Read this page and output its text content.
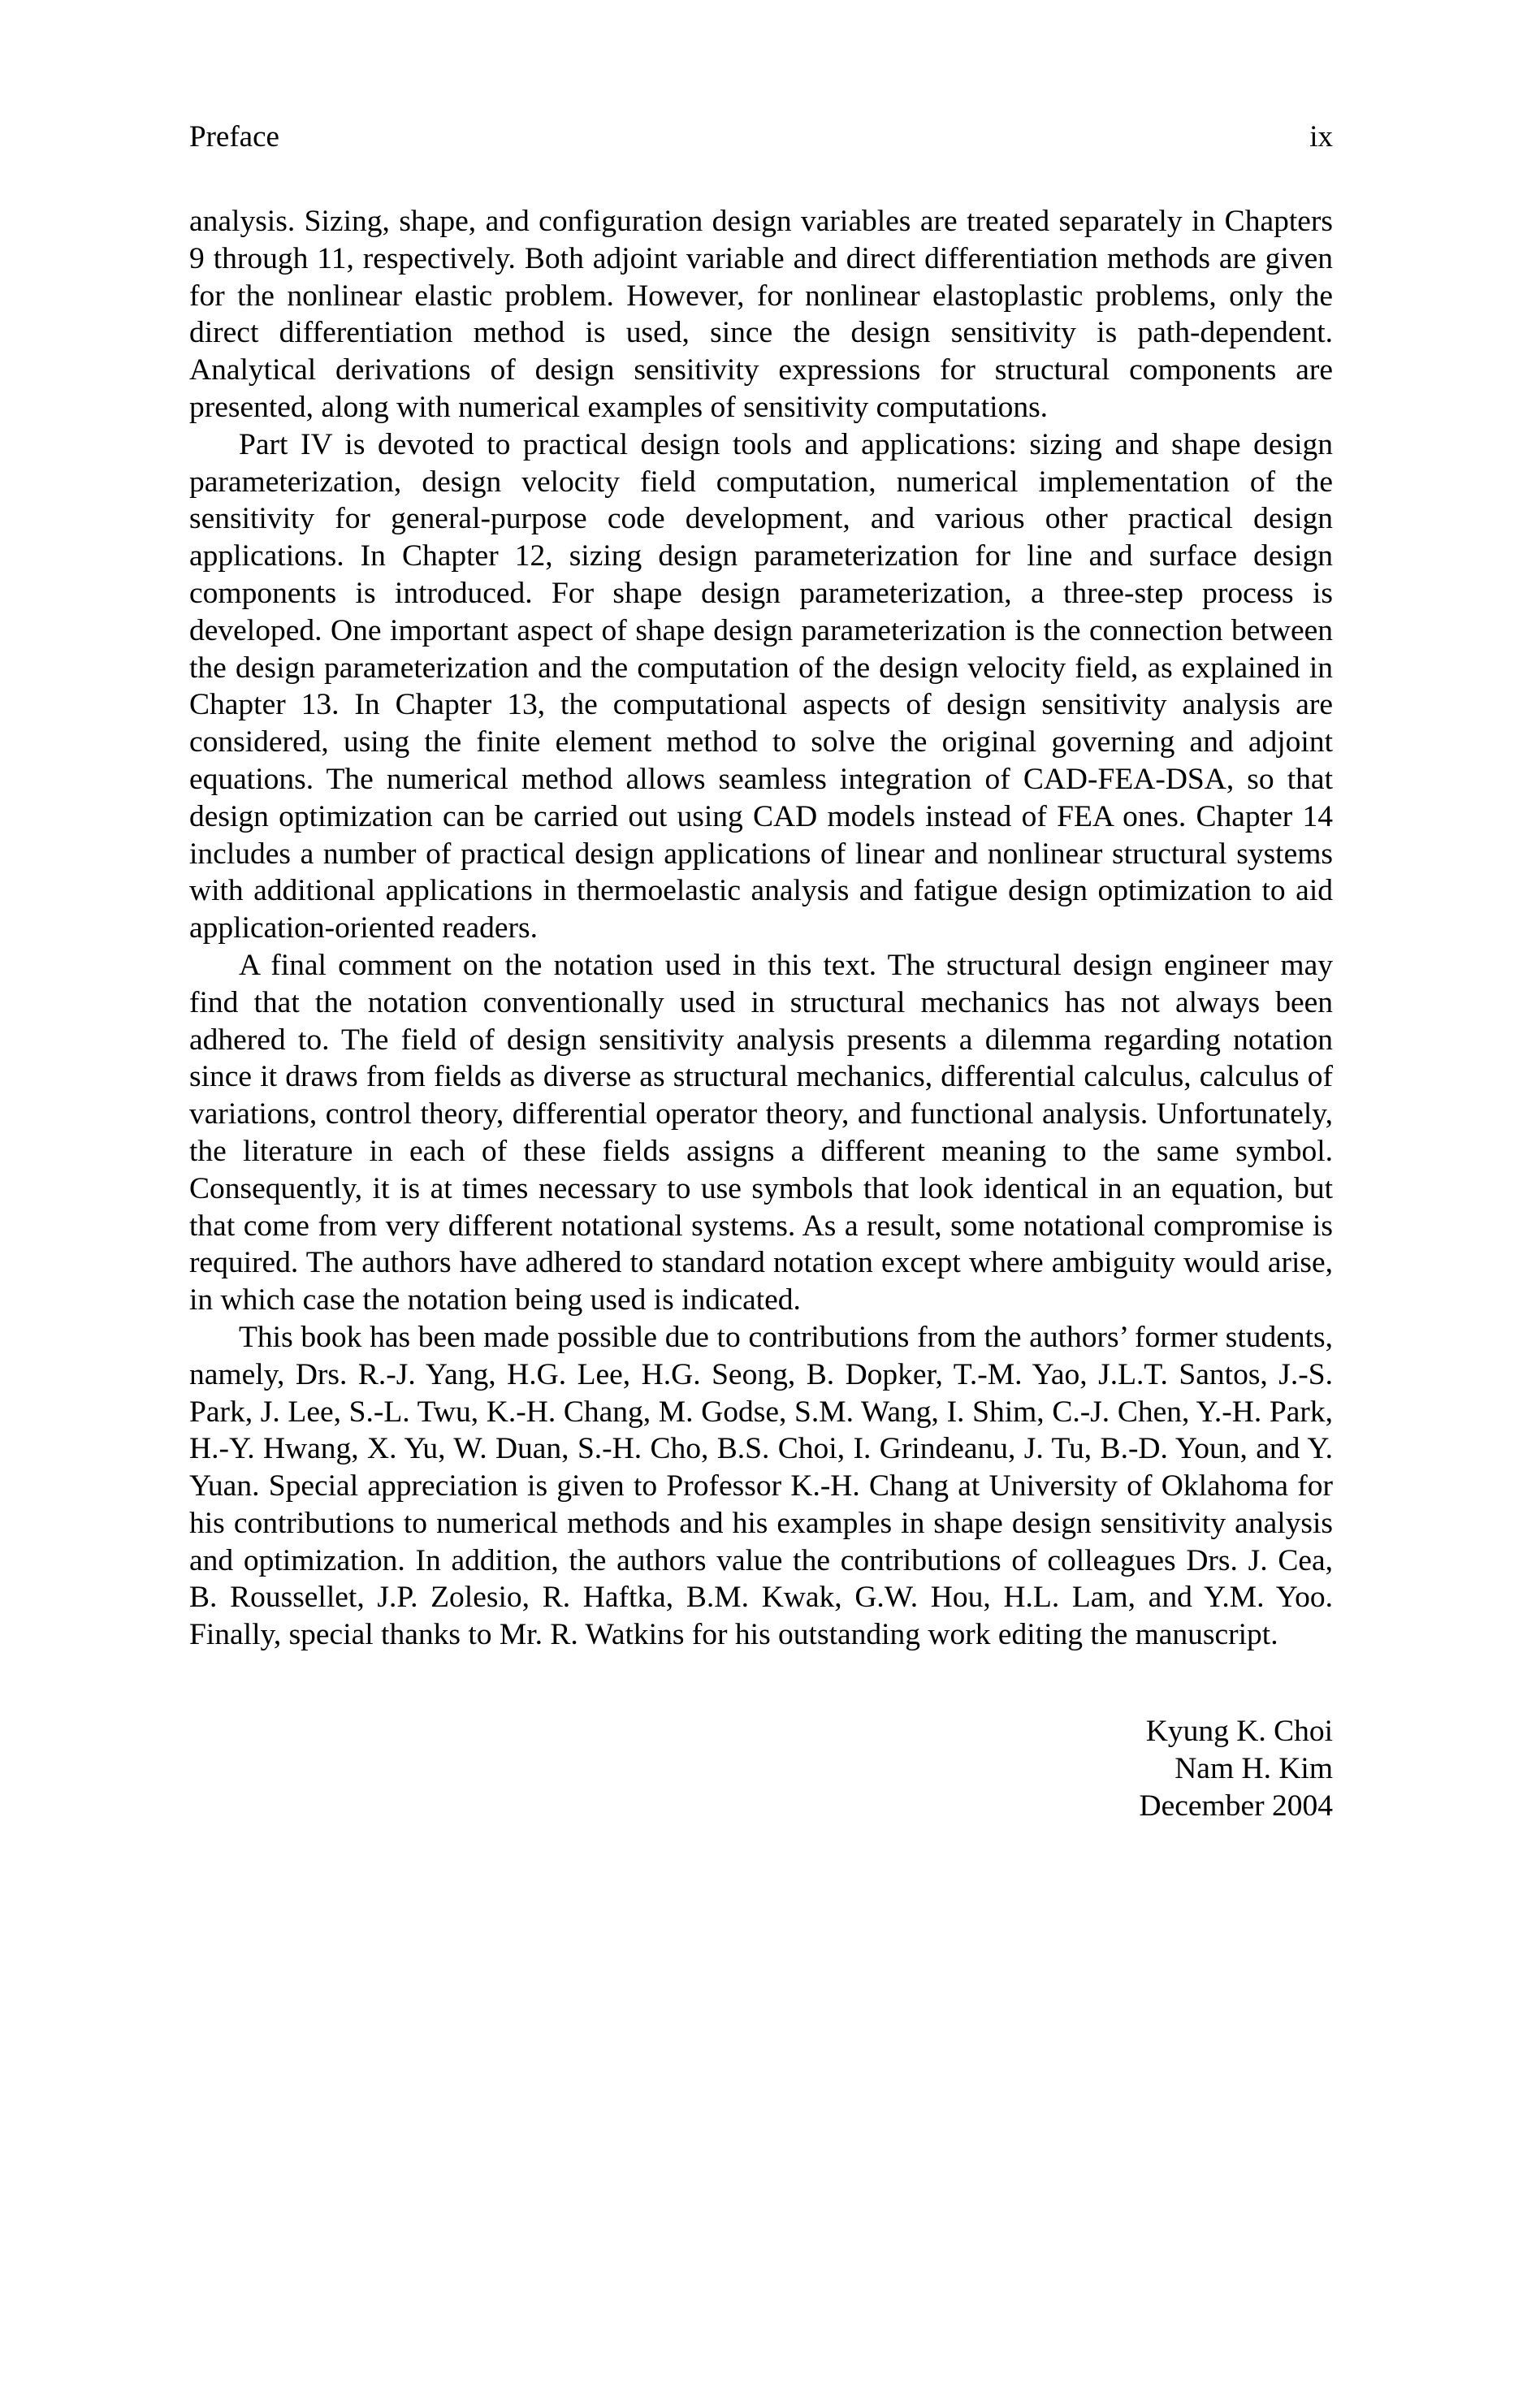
Preface	ix

analysis. Sizing, shape, and configuration design variables are treated separately in Chapters 9 through 11, respectively. Both adjoint variable and direct differentiation methods are given for the nonlinear elastic problem. However, for nonlinear elastoplastic problems, only the direct differentiation method is used, since the design sensitivity is path-dependent. Analytical derivations of design sensitivity expressions for structural components are presented, along with numerical examples of sensitivity computations.

Part IV is devoted to practical design tools and applications: sizing and shape design parameterization, design velocity field computation, numerical implementation of the sensitivity for general-purpose code development, and various other practical design applications. In Chapter 12, sizing design parameterization for line and surface design components is introduced. For shape design parameterization, a three-step process is developed. One important aspect of shape design parameterization is the connection between the design parameterization and the computation of the design velocity field, as explained in Chapter 13. In Chapter 13, the computational aspects of design sensitivity analysis are considered, using the finite element method to solve the original governing and adjoint equations. The numerical method allows seamless integration of CAD-FEA-DSA, so that design optimization can be carried out using CAD models instead of FEA ones. Chapter 14 includes a number of practical design applications of linear and nonlinear structural systems with additional applications in thermoelastic analysis and fatigue design optimization to aid application-oriented readers.

A final comment on the notation used in this text. The structural design engineer may find that the notation conventionally used in structural mechanics has not always been adhered to. The field of design sensitivity analysis presents a dilemma regarding notation since it draws from fields as diverse as structural mechanics, differential calculus, calculus of variations, control theory, differential operator theory, and functional analysis. Unfortunately, the literature in each of these fields assigns a different meaning to the same symbol. Consequently, it is at times necessary to use symbols that look identical in an equation, but that come from very different notational systems. As a result, some notational compromise is required. The authors have adhered to standard notation except where ambiguity would arise, in which case the notation being used is indicated.

This book has been made possible due to contributions from the authors’ former students, namely, Drs. R.-J. Yang, H.G. Lee, H.G. Seong, B. Dopker, T.-M. Yao, J.L.T. Santos, J.-S. Park, J. Lee, S.-L. Twu, K.-H. Chang, M. Godse, S.M. Wang, I. Shim, C.-J. Chen, Y.-H. Park, H.-Y. Hwang, X. Yu, W. Duan, S.-H. Cho, B.S. Choi, I. Grindeanu, J. Tu, B.-D. Youn, and Y. Yuan. Special appreciation is given to Professor K.-H. Chang at University of Oklahoma for his contributions to numerical methods and his examples in shape design sensitivity analysis and optimization. In addition, the authors value the contributions of colleagues Drs. J. Cea, B. Roussellet, J.P. Zolesio, R. Haftka, B.M. Kwak, G.W. Hou, H.L. Lam, and Y.M. Yoo. Finally, special thanks to Mr. R. Watkins for his outstanding work editing the manuscript.

Kyung K. Choi
Nam H. Kim
December 2004
